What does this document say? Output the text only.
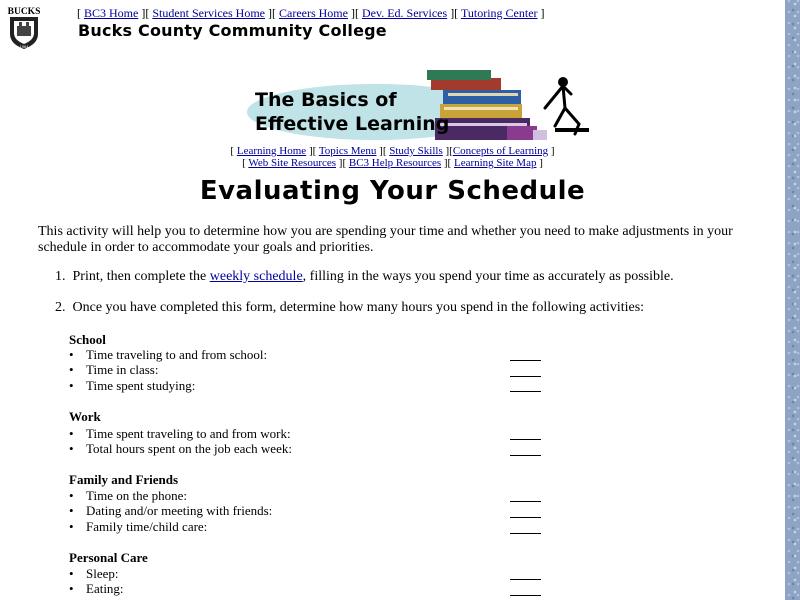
BUCKS
1964
[ BC3 Home ][ Student Services Home ][ Careers Home ][ Dev. Ed. Services ][ Tutoring Center ]
Bucks County Community College
The Basics of
Effective Learning
[ Learning Home ][ Topics Menu ][ Study Skills ][Concepts of Learning ]
[ Web Site Resources ][ BC3 Help Resources ][ Learning Site Map ]
Evaluating Your Schedule
This activity will help you to determine how you are spending your time and whether you need to make adjustments in your schedule in order to accommodate your goals and priorities.
1. Print, then complete the weekly schedule, filling in the ways you spend your time as accurately as possible.
2. Once you have completed this form, determine how many hours you spend in the following activities:
School
• Time traveling to and from school:
• Time in class:
• Time spent studying:
Work
• Time spent traveling to and from work:
• Total hours spent on the job each week:
Family and Friends
• Time on the phone:
• Dating and/or meeting with friends:
• Family time/child care:
Personal Care
• Sleep:
• Eating:
